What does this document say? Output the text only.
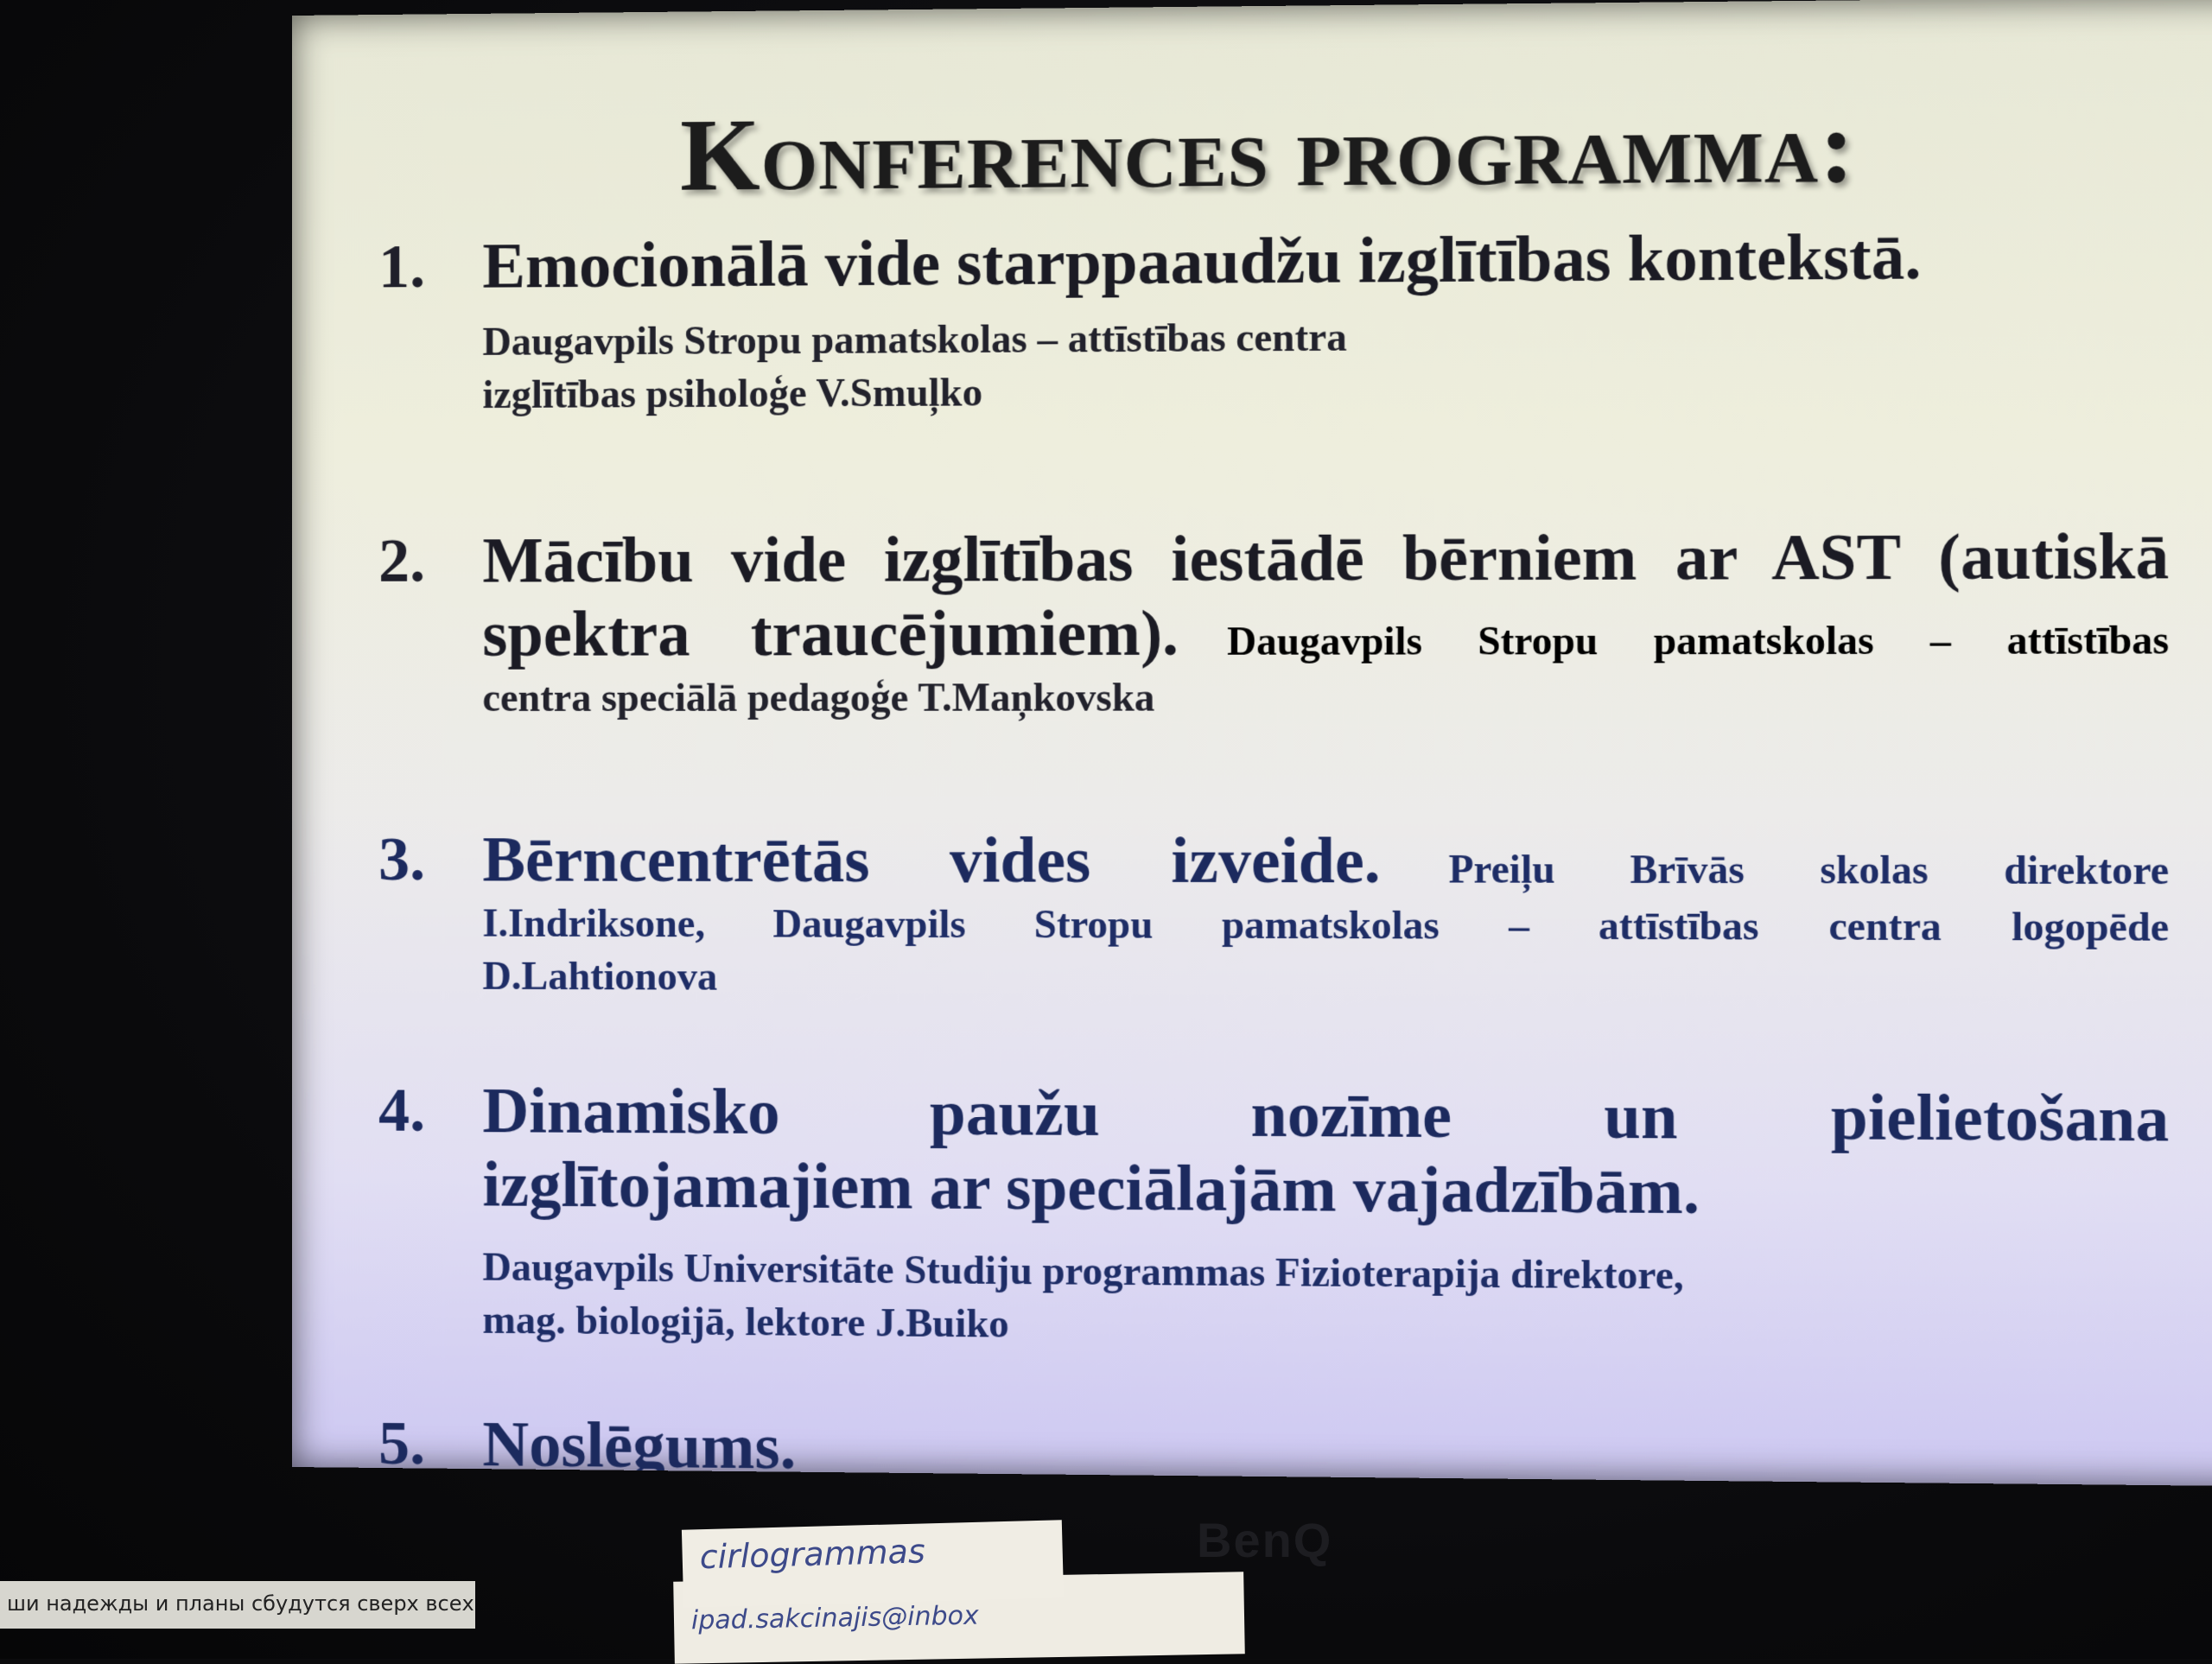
Konferences programma:
1. Emocionālā vide starppaaudžu izglītības kontekstā.
Daugavpils Stropu pamatskolas – attīstības centra
izglītības psiholoģe V.Smuļko
2. Mācību vide izglītības iestādē bērniem ar AST (autiskā
spektra traucējumiem). Daugavpils Stropu pamatskolas – attīstības
centra speciālā pedagoģe T.Maņkovska
3. Bērncentrētās vides izveide. Preiļu Brīvās skolas direktore
I.Indriksone, Daugavpils Stropu pamatskolas – attīstības centra logopēde
D.Lahtionova
4. Dinamisko paužu nozīme un pielietošana
izglītojamajiem ar speciālajām vajadzībām.
Daugavpils Universitāte Studiju programmas Fizioterapija direktore,
mag. biologijā, lektore J.Buiko
5. Noslēgums.
BenQ
ipad.sakcinajis@inbox
cirlogrammas
ши надежды и планы сбудутся сверх всех
